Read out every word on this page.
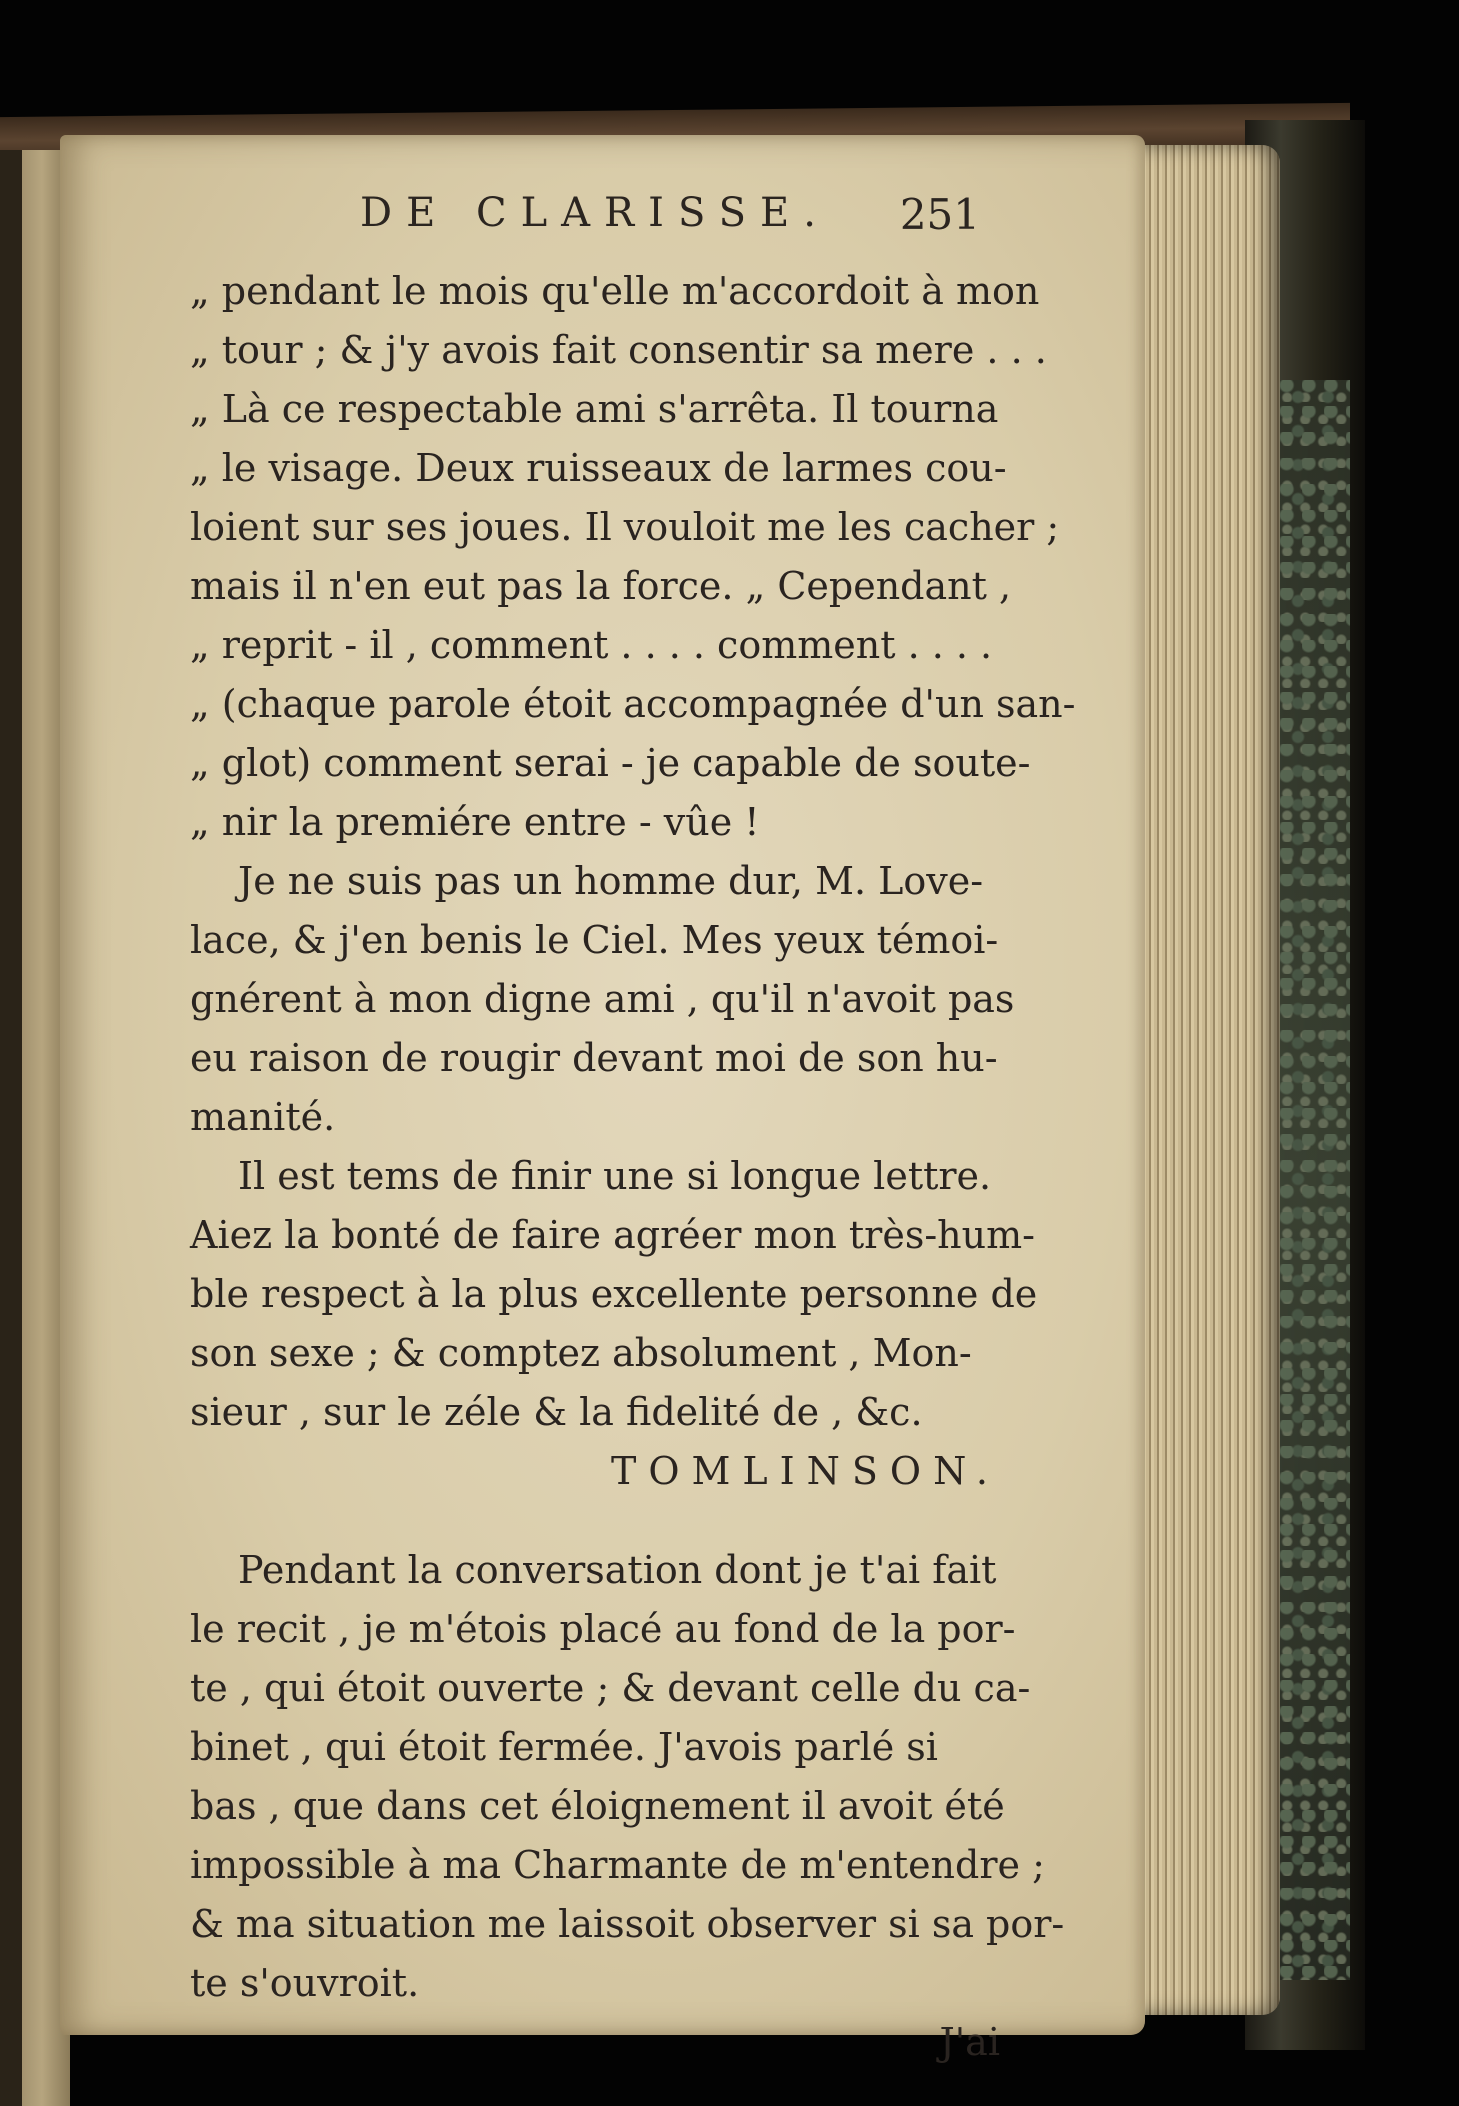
DE CLARISSE. 251
„ pendant le mois qu'elle m'accordoit à mon
„ tour ; & j'y avois fait consentir sa mere . . .
„ Là ce respectable ami s'arrêta. Il tourna
„ le visage. Deux ruisseaux de larmes cou-
loient sur ses joues. Il vouloit me les cacher ;
mais il n'en eut pas la force. „ Cependant ,
„ reprit - il , comment . . . . comment . . . .
„ (chaque parole étoit accompagnée d'un san-
„ glot) comment serai - je capable de soute-
„ nir la premiére entre - vûe !
Je ne suis pas un homme dur, M. Love-
lace, & j'en benis le Ciel. Mes yeux témoi-
gnérent à mon digne ami , qu'il n'avoit pas
eu raison de rougir devant moi de son hu-
manité.
Il est tems de finir une si longue lettre.
Aiez la bonté de faire agréer mon très-hum-
ble respect à la plus excellente personne de
son sexe ; & comptez absolument , Mon-
sieur , sur le zéle & la fidelité de , &c.
TOMLINSON.
Pendant la conversation dont je t'ai fait
le recit , je m'étois placé au fond de la por-
te , qui étoit ouverte ; & devant celle du ca-
binet , qui étoit fermée. J'avois parlé si
bas , que dans cet éloignement il avoit été
impossible à ma Charmante de m'entendre ;
& ma situation me laissoit observer si sa por-
te s'ouvroit.
J'ai
